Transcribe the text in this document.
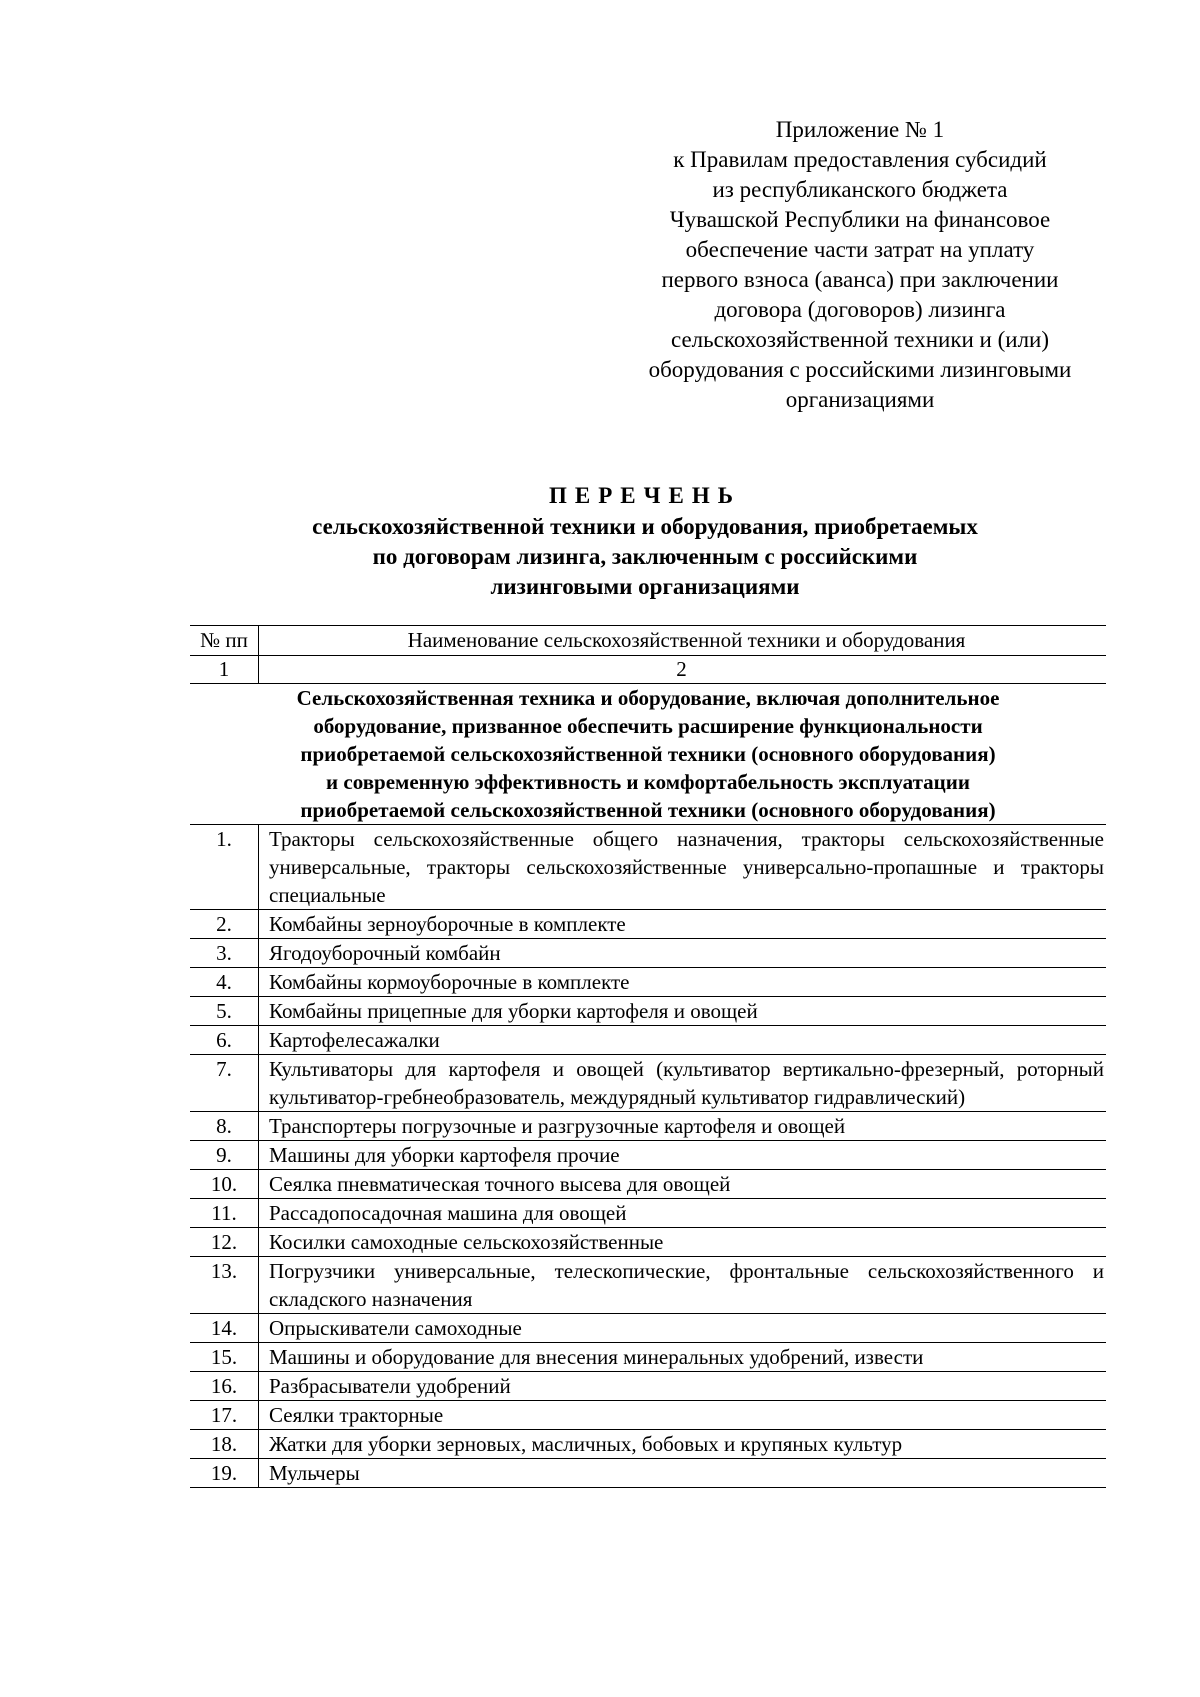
Приложение № 1
к Правилам предоставления субсидий
из республиканского бюджета
Чувашской Республики на финансовое
обеспечение части затрат на уплату
первого взноса (аванса) при заключении
договора (договоров) лизинга
сельскохозяйственной техники и (или)
оборудования с российскими лизинговыми
организациями
ПЕРЕЧЕНЬ
сельскохозяйственной техники и оборудования, приобретаемых
по договорам лизинга, заключенным с российскими
лизинговыми организациями
№ пп	Наименование сельскохозяйственной техники и оборудования
1	2

Сельскохозяйственная техника и оборудование, включая дополнительное
оборудование, призванное обеспечить расширение функциональности
приобретаемой сельскохозяйственной техники (основного оборудования)
и современную эффективность и комфортабельность эксплуатации
приобретаемой сельскохозяйственной техники (основного оборудования)	

1.	Тракторы сельскохозяйственные общего назначения, тракторы сельскохозяйственные универсальные, тракторы сельскохозяйственные универсально-пропашные и тракторы специальные
2.	Комбайны зерноуборочные в комплекте
3.	Ягодоуборочный комбайн
4.	Комбайны кормоуборочные в комплекте
5.	Комбайны прицепные для уборки картофеля и овощей
6.	Картофелесажалки
7.	Культиваторы для картофеля и овощей (культиватор вертикально-фрезерный, роторный культиватор-гребнеобразователь, междурядный культиватор гидравлический)
8.	Транспортеры погрузочные и разгрузочные картофеля и овощей
9.	Машины для уборки картофеля прочие
10.	Сеялка пневматическая точного высева для овощей
11.	Рассадопосадочная машина для овощей
12.	Косилки самоходные сельскохозяйственные
13.	Погрузчики универсальные, телескопические, фронтальные сельскохозяйственного и складского назначения
14.	Опрыскиватели самоходные
15.	Машины и оборудование для внесения минеральных удобрений, извести
16.	Разбрасыватели удобрений
17.	Сеялки тракторные
18.	Жатки для уборки зерновых, масличных, бобовых и крупяных культур
19.	Мульчеры
